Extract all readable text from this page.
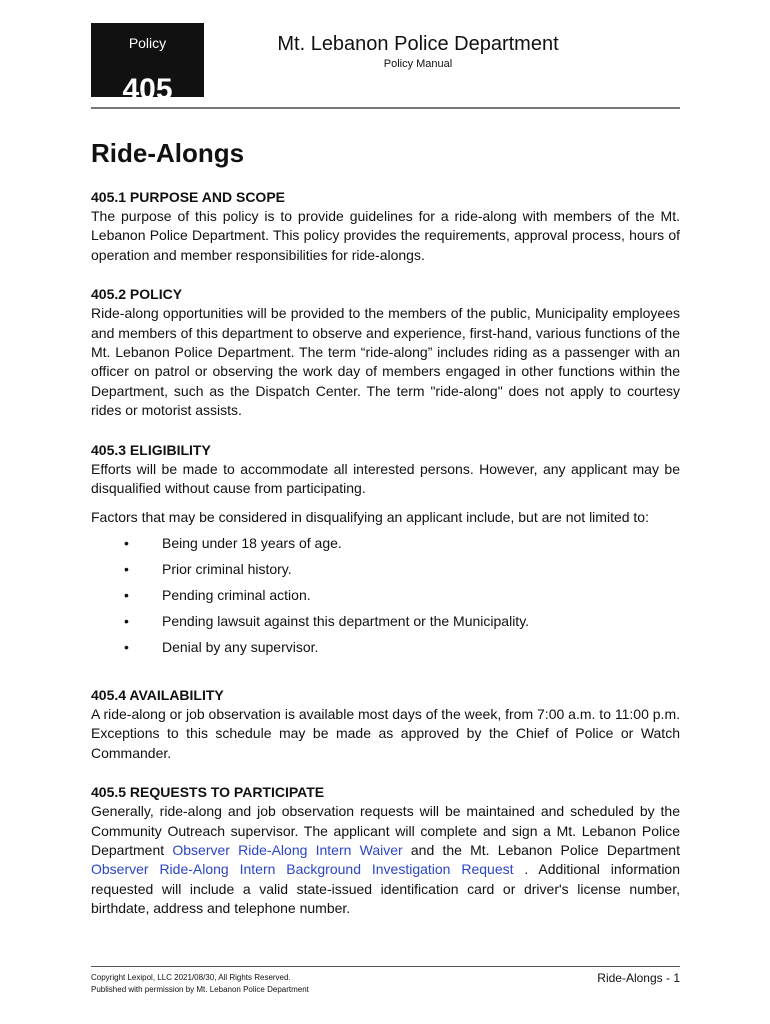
Policy
405
Mt. Lebanon Police Department
Policy Manual
Ride-Alongs
405.1 PURPOSE AND SCOPE

The purpose of this policy is to provide guidelines for a ride-along with members of the Mt. Lebanon Police Department. This policy provides the requirements, approval process, hours of operation and member responsibilities for ride-alongs.

405.2 POLICY

Ride-along opportunities will be provided to the members of the public, Municipality employees and members of this department to observe and experience, first-hand, various functions of the Mt. Lebanon Police Department. The term “ride-along” includes riding as a passenger with an officer on patrol or observing the work day of members engaged in other functions within the Department, such as the Dispatch Center. The term "ride-along" does not apply to courtesy rides or motorist assists.

405.3 ELIGIBILITY

Efforts will be made to accommodate all interested persons. However, any applicant may be disqualified without cause from participating.

Factors that may be considered in disqualifying an applicant include, but are not limited to:

• Being under 18 years of age.
• Prior criminal history.
• Pending criminal action.
• Pending lawsuit against this department or the Municipality.
• Denial by any supervisor.
405.4 AVAILABILITY

A ride-along or job observation is available most days of the week, from 7:00 a.m. to 11:00 p.m. Exceptions to this schedule may be made as approved by the Chief of Police or Watch Commander.

405.5 REQUESTS TO PARTICIPATE

Generally, ride-along and job observation requests will be maintained and scheduled by the Community Outreach supervisor. The applicant will complete and sign a Mt. Lebanon Police Department Observer Ride-Along Intern Waiver and the Mt. Lebanon Police Department Observer Ride-Along Intern Background Investigation Request . Additional information requested will include a valid state-issued identification card or driver's license number, birthdate, address and telephone number.

Copyright Lexipol, LLC 2021/08/30, All Rights Reserved.
Published with permission by Mt. Lebanon Police Department
Ride-Alongs - 1
